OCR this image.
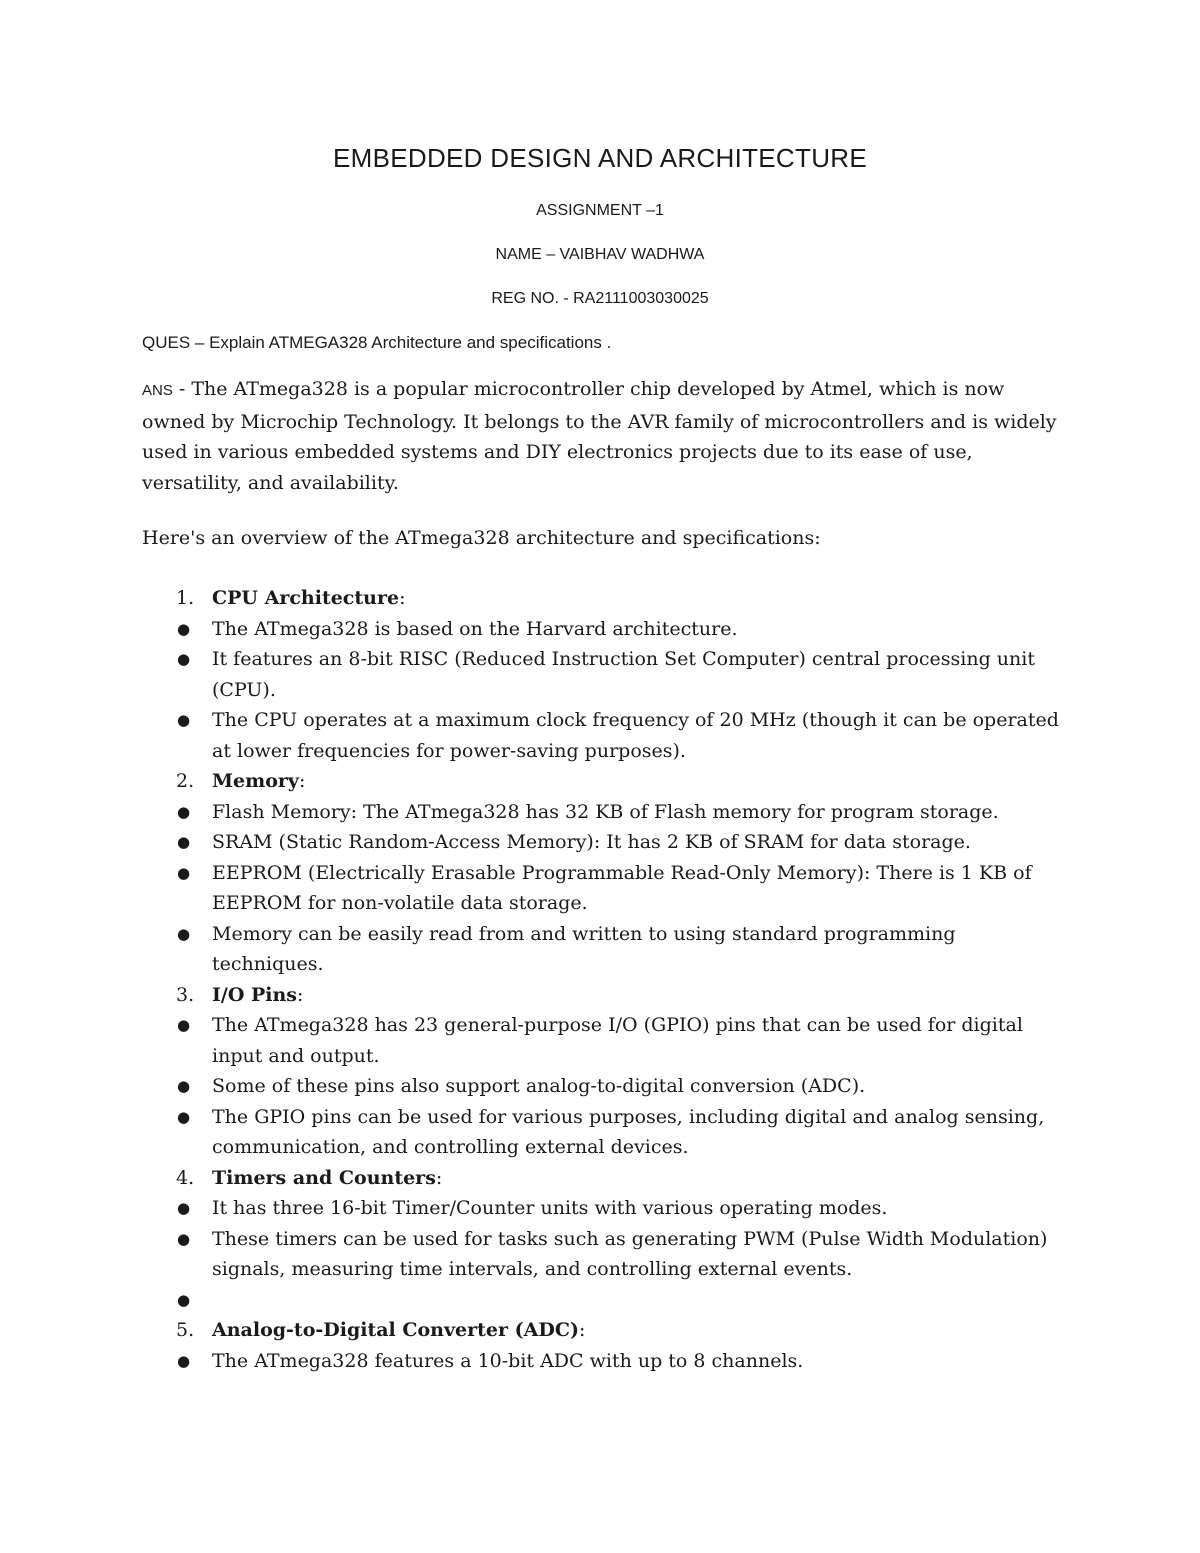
EMBEDDED DESIGN AND ARCHITECTURE
ASSIGNMENT –1
NAME – VAIBHAV WADHWA
REG NO. - RA2111003030025
QUES – Explain ATMEGA328 Architecture and specifications .
ANS - The ATmega328 is a popular microcontroller chip developed by Atmel, which is now owned by Microchip Technology. It belongs to the AVR family of microcontrollers and is widely used in various embedded systems and DIY electronics projects due to its ease of use, versatility, and availability.
Here's an overview of the ATmega328 architecture and specifications:
1. CPU Architecture:
●	The ATmega328 is based on the Harvard architecture.
●	It features an 8-bit RISC (Reduced Instruction Set Computer) central processing unit (CPU).
●	The CPU operates at a maximum clock frequency of 20 MHz (though it can be operated at lower frequencies for power-saving purposes).
2. Memory:
●	Flash Memory: The ATmega328 has 32 KB of Flash memory for program storage.
●	SRAM (Static Random-Access Memory): It has 2 KB of SRAM for data storage.
●	EEPROM (Electrically Erasable Programmable Read-Only Memory): There is 1 KB of EEPROM for non-volatile data storage.
●	Memory can be easily read from and written to using standard programming techniques.
3. I/O Pins:
●	The ATmega328 has 23 general-purpose I/O (GPIO) pins that can be used for digital input and output.
●	Some of these pins also support analog-to-digital conversion (ADC).
●	The GPIO pins can be used for various purposes, including digital and analog sensing, communication, and controlling external devices.
4. Timers and Counters:
●	It has three 16-bit Timer/Counter units with various operating modes.
●	These timers can be used for tasks such as generating PWM (Pulse Width Modulation) signals, measuring time intervals, and controlling external events.
●

5. Analog-to-Digital Converter (ADC):
●	The ATmega328 features a 10-bit ADC with up to 8 channels.
